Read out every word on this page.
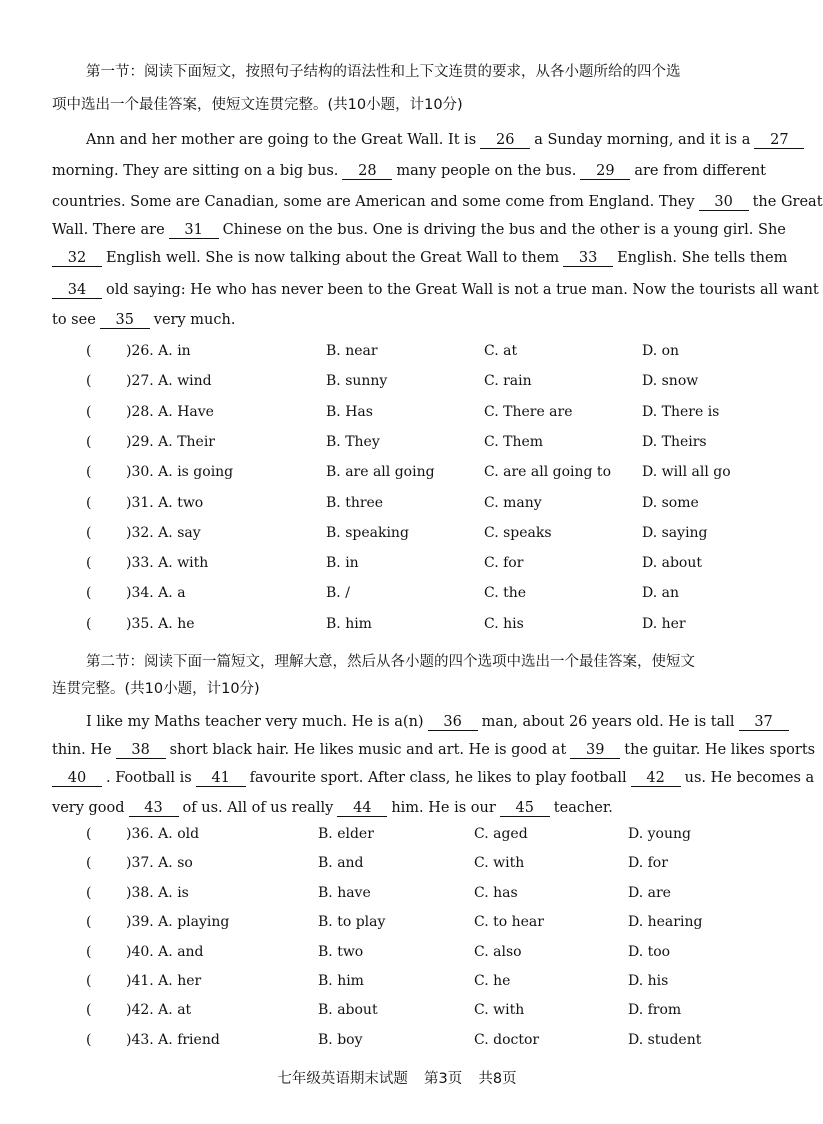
第一节：阅读下面短文，按照句子结构的语法性和上下文连贯的要求，从各小题所给的四个选
项中选出一个最佳答案，使短文连贯完整。(共10小题，计10分)
Ann and her mother are going to the Great Wall. It is 26 a Sunday morning, and it is a 27
morning. They are sitting on a big bus. 28 many people on the bus. 29 are from different
countries. Some are Canadian, some are American and some come from England. They 30 the Great
Wall. There are 31 Chinese on the bus. One is driving the bus and the other is a young girl. She
32 English well. She is now talking about the Great Wall to them 33 English. She tells them
34 old saying: He who has never been to the Great Wall is not a true man. Now the tourists all want
to see 35 very much.
( )26. A. in	B. near	C. at	D. on
( )27. A. wind	B. sunny	C. rain	D. snow
( )28. A. Have	B. Has	C. There are	D. There is
( )29. A. Their	B. They	C. Them	D. Theirs
( )30. A. is going	B. are all going	C. are all going to D. will all go
( )31. A. two	B. three	C. many	D. some
( )32. A. say	B. speaking	C. speaks	D. saying
( )33. A. with	B. in	C. for	D. about
( )34. A. a	B. /	C. the	D. an
( )35. A. he	B. him	C. his	D. her
第二节：阅读下面一篇短文，理解大意，然后从各小题的四个选项中选出一个最佳答案，使短文
连贯完整。(共10小题，计10分)
I like my Maths teacher very much. He is a(n) 36 man, about 26 years old. He is tall 37
thin. He 38 short black hair. He likes music and art. He is good at 39 the guitar. He likes sports
40 . Football is 41 favourite sport. After class, he likes to play football 42 us. He becomes a
very good 43 of us. All of us really 44 him. He is our 45 teacher.
( )36. A. old	B. elder	C. aged	D. young
( )37. A. so	B. and	C. with	D. for
( )38. A. is	B. have	C. has	D. are
( )39. A. playing	B. to play	C. to hear	D. hearing
( )40. A. and	B. two	C. also	D. too
( )41. A. her	B. him	C. he	D. his
( )42. A. at	B. about	C. with	D. from
( )43. A. friend	B. boy	C. doctor	D. student
七年级英语期末试题 第3页 共8页
